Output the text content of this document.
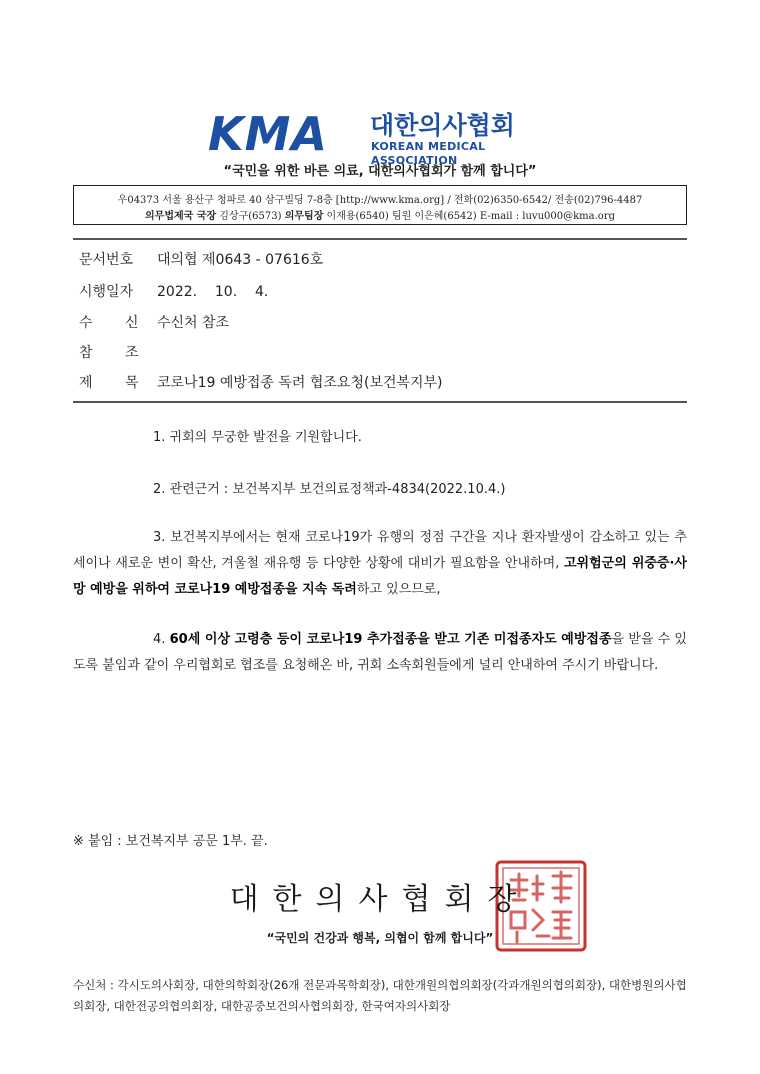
KMA 대한의사협회
KOREAN MEDICAL ASSOCIATION
“국민을 위한 바른 의료, 대한의사협회가 함께 합니다”
우04373 서울 용산구 청파로 40 삼구빌딩 7-8층 [http://www.kma.org] / 전화(02)6350-6542/ 전송(02)796-4487
의무법제국 국장 김상구(6573) 의무팀장 이재용(6540) 팀원 이은혜(6542) E-mail : luvu000@kma.org
문서번호 대의협 제0643 - 07616호
시행일자 2022.    10.    4.
수 신 수신처 참조
참 조
제 목 코로나19 예방접종 독려 협조요청(보건복지부)
1. 귀회의 무궁한 발전을 기원합니다.
2. 관련근거 : 보건복지부 보건의료정책과-4834(2022.10.4.)
3. 보건복지부에서는 현재 코로나19가 유행의 정점 구간을 지나 환자발생이 감소하고 있는 추세이나 새로운 변이 확산, 겨울철 재유행 등 다양한 상황에 대비가 필요함을 안내하며, 고위험군의 위중증·사망 예방을 위하여 코로나19 예방접종을 지속 독려하고 있으므로,
4. 60세 이상 고령층 등이 코로나19 추가접종을 받고 기존 미접종자도 예방접종을 받을 수 있도록 붙임과 같이 우리협회로 협조를 요청해온 바, 귀회 소속회원들에게 널리 안내하여 주시기 바랍니다.
※ 붙임 : 보건복지부 공문 1부. 끝.
대한의사협회장
“국민의 건강과 행복, 의협이 함께 합니다”
수신처 : 각시도의사회장, 대한의학회장(26개 전문과목학회장), 대한개원의협의회장(각과개원의협의회장), 대한병원의사협의회장, 대한전공의협의회장, 대한공중보건의사협의회장, 한국여자의사회장
